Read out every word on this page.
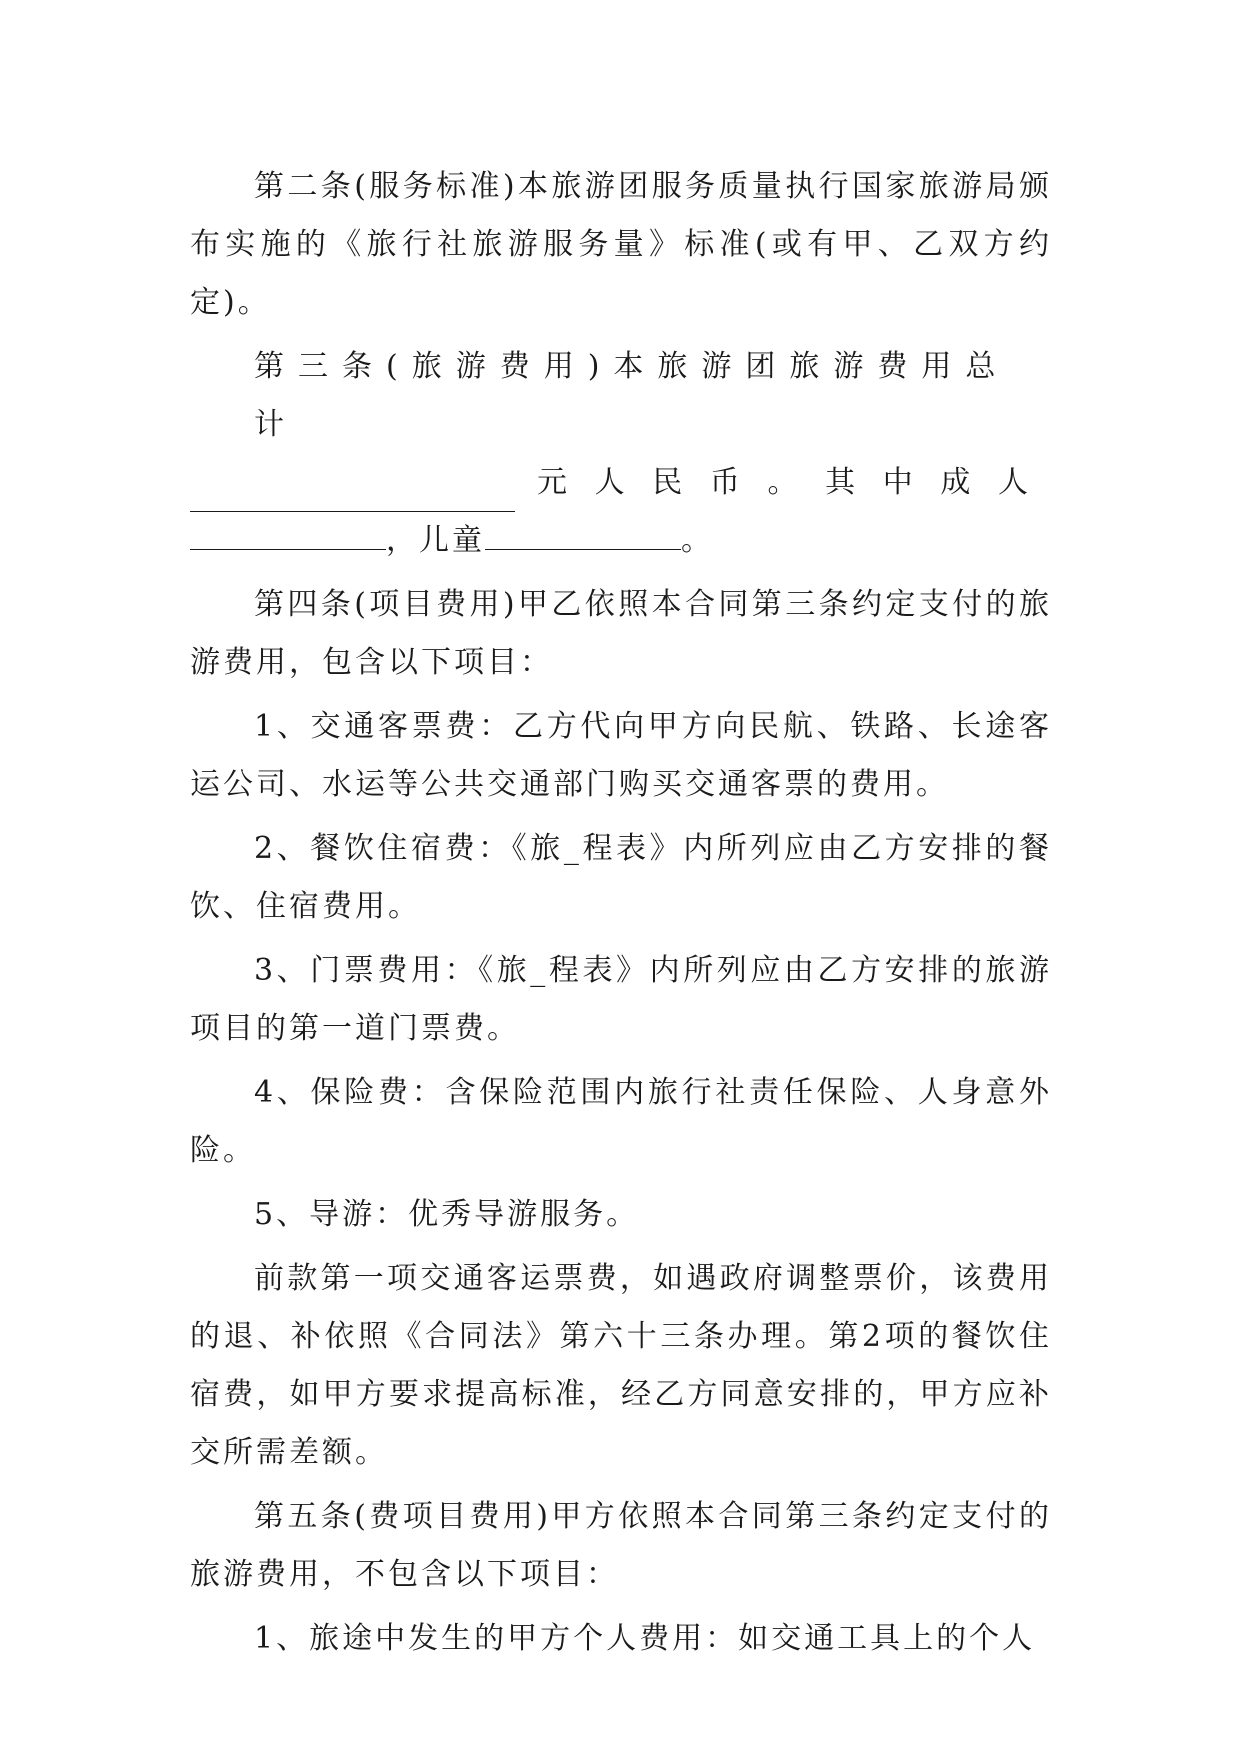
第二条(服务标准)本旅游团服务质量执行国家旅游局颁布实施的《旅行社旅游服务量》标准(或有甲、乙双方约定)。

第三条(旅游费用)本旅游团旅游费用总计
元人民币。其中成人
，儿童	。

第四条(项目费用)甲乙依照本合同第三条约定支付的旅游费用，包含以下项目：

1、交通客票费：乙方代向甲方向民航、铁路、长途客运公司、水运等公共交通部门购买交通客票的费用。

2、餐饮住宿费：《旅_程表》内所列应由乙方安排的餐饮、住宿费用。

3、门票费用：《旅_程表》内所列应由乙方安排的旅游项目的第一道门票费。

4、保险费：含保险范围内旅行社责任保险、人身意外险。

5、导游：优秀导游服务。

前款第一项交通客运票费，如遇政府调整票价，该费用的退、补依照《合同法》第六十三条办理。第2项的餐饮住宿费，如甲方要求提高标准，经乙方同意安排的，甲方应补交所需差额。

第五条(费项目费用)甲方依照本合同第三条约定支付的旅游费用，不包含以下项目：

1、旅途中发生的甲方个人费用：如交通工具上的个人
